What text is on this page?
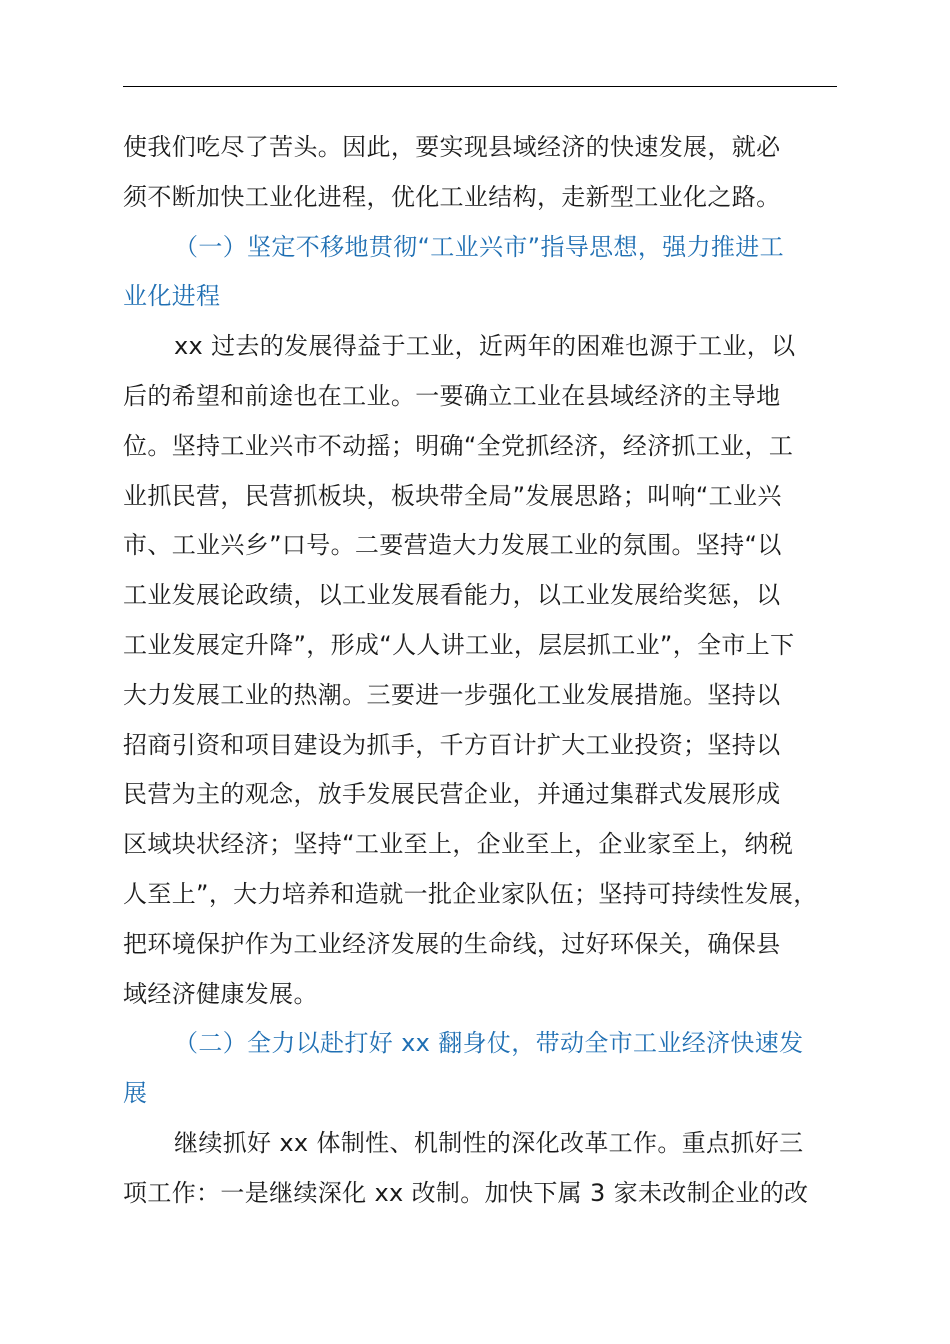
使我们吃尽了苦头。因此，要实现县域经济的快速发展，就必
须不断加快工业化进程，优化工业结构，走新型工业化之路。
（一）坚定不移地贯彻“工业兴市”指导思想，强力推进工
业化进程
xx 过去的发展得益于工业，近两年的困难也源于工业，以
后的希望和前途也在工业。一要确立工业在县域经济的主导地
位。坚持工业兴市不动摇；明确“全党抓经济，经济抓工业，工
业抓民营，民营抓板块，板块带全局”发展思路；叫响“工业兴
市、工业兴乡”口号。二要营造大力发展工业的氛围。坚持“以
工业发展论政绩，以工业发展看能力，以工业发展给奖惩，以
工业发展定升降”，形成“人人讲工业，层层抓工业”，全市上下
大力发展工业的热潮。三要进一步强化工业发展措施。坚持以
招商引资和项目建设为抓手，千方百计扩大工业投资；坚持以
民营为主的观念，放手发展民营企业，并通过集群式发展形成
区域块状经济；坚持“工业至上，企业至上，企业家至上，纳税
人至上”，大力培养和造就一批企业家队伍；坚持可持续性发展，
把环境保护作为工业经济发展的生命线，过好环保关，确保县
域经济健康发展。
（二）全力以赴打好 xx 翻身仗，带动全市工业经济快速发
展
继续抓好 xx 体制性、机制性的深化改革工作。重点抓好三
项工作：一是继续深化 xx 改制。加快下属 3 家未改制企业的改
